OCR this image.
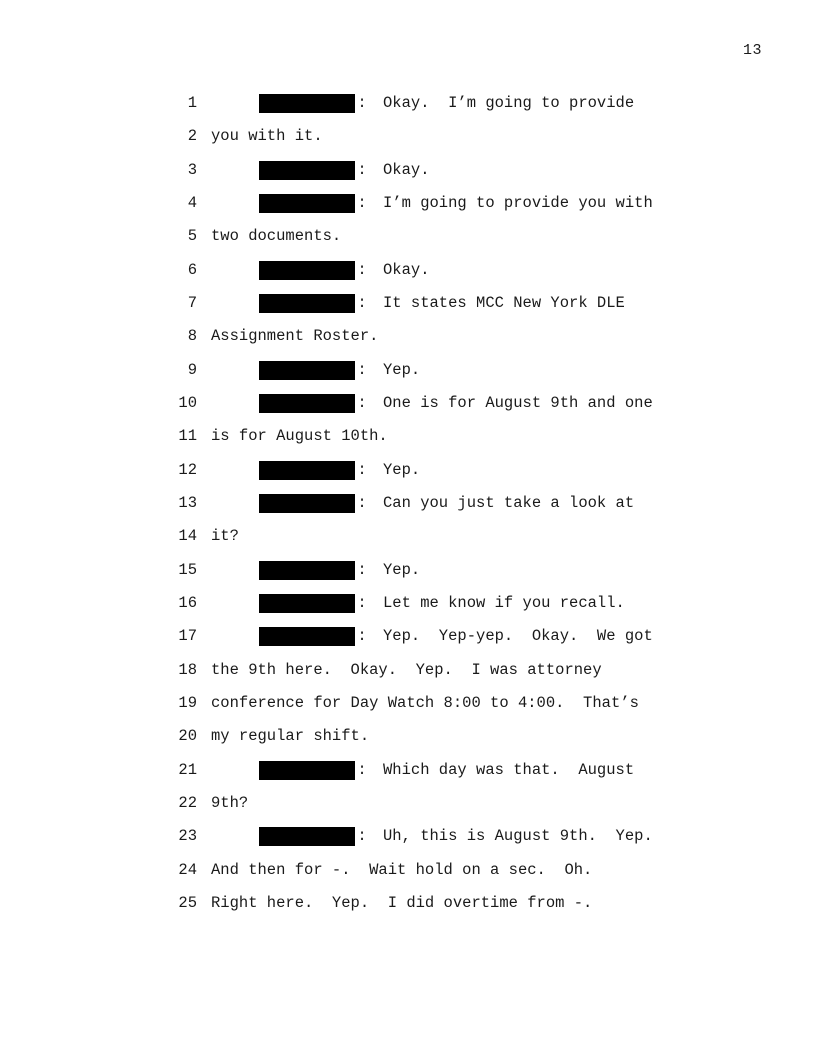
13
1	: Okay.  I’m going to provide
2 you with it.
3	: Okay.
4	: I’m going to provide you with
5 two documents.
6	: Okay.
7	: It states MCC New York DLE
8 Assignment Roster.
9	: Yep.
10	: One is for August 9th and one
11 is for August 10th.
12	: Yep.
13	: Can you just take a look at
14 it?
15	: Yep.
16	: Let me know if you recall.
17	: Yep.  Yep-yep.  Okay.  We got
18 the 9th here.  Okay.  Yep.  I was attorney
19 conference for Day Watch 8:00 to 4:00.  That’s
20 my regular shift.
21	: Which day was that.  August
22 9th?
23	: Uh, this is August 9th.  Yep.
24 And then for -.  Wait hold on a sec.  Oh.
25 Right here.  Yep.  I did overtime from -.
